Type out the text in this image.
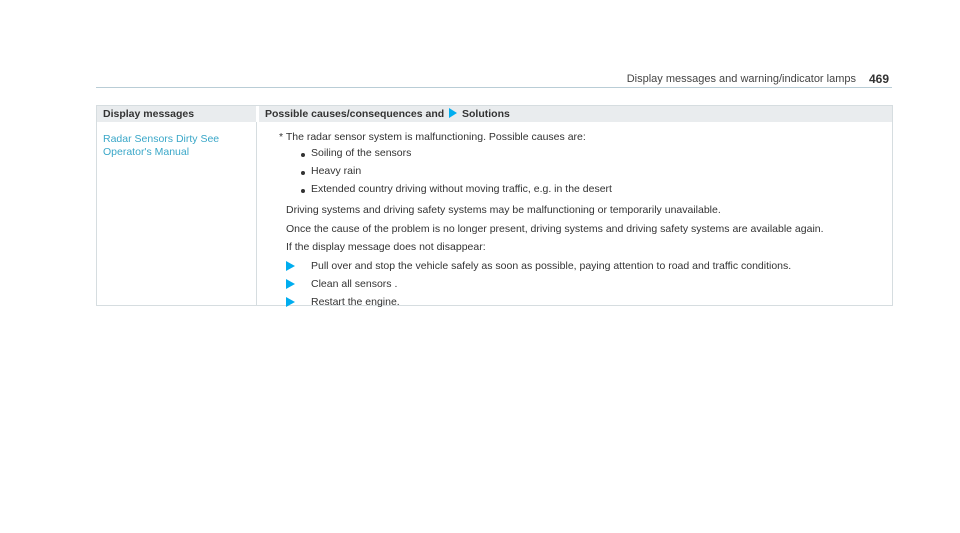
Display messages and warning/indicator lamps 469
Display messages	Possible causes/consequences and Solutions
Radar Sensors Dirty See
Operator's Manual
* The radar sensor system is malfunctioning. Possible causes are:
Soiling of the sensors
Heavy rain
Extended country driving without moving traffic, e.g. in the desert
Driving systems and driving safety systems may be malfunctioning or temporarily unavailable.
Once the cause of the problem is no longer present, driving systems and driving safety systems are available again.
If the display message does not disappear:
Pull over and stop the vehicle safely as soon as possible, paying attention to road and traffic conditions.
Clean all sensors .
Restart the engine.
